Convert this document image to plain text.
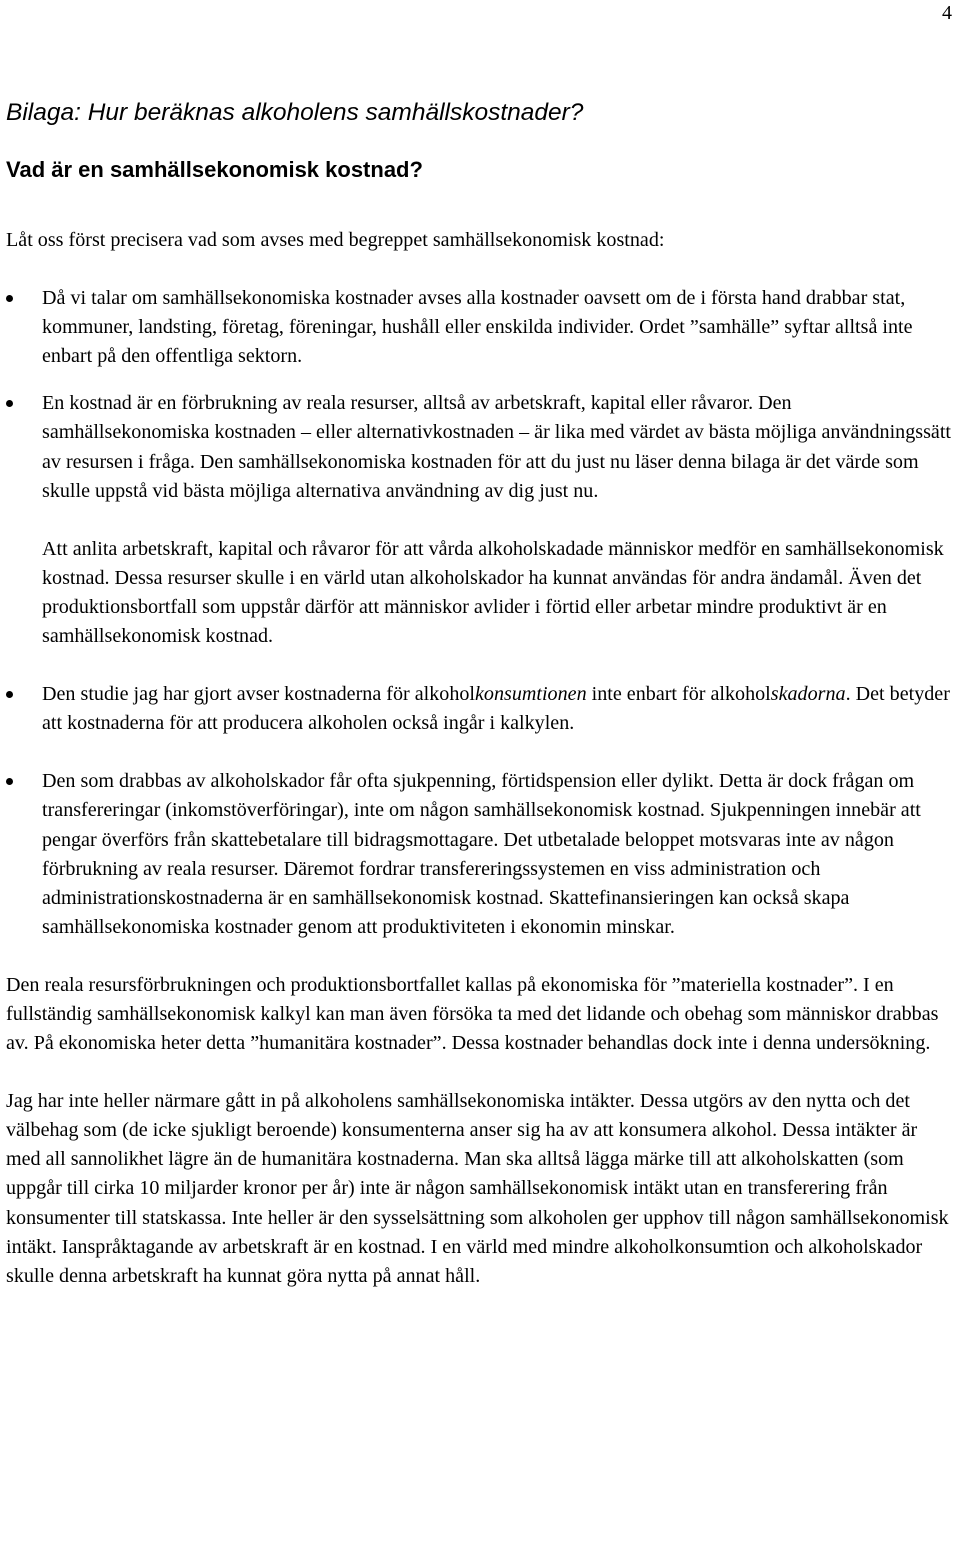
4
Bilaga: Hur beräknas alkoholens samhällskostnader?
Vad är en samhällsekonomisk kostnad?

Låt oss först precisera vad som avses med begreppet samhällsekonomisk kostnad:

Då vi talar om samhällsekonomiska kostnader avses alla kostnader oavsett om de i första hand drabbar stat, kommuner, landsting, företag, föreningar, hushåll eller enskilda individer. Ordet ”samhälle” syftar alltså inte enbart på den offentliga sektorn.
En kostnad är en förbrukning av reala resurser, alltså av arbetskraft, kapital eller råvaror. Den samhällsekonomiska kostnaden – eller alternativkostnaden – är lika med värdet av bästa möjliga användningssätt av resursen i fråga. Den samhällsekonomiska kostnaden för att du just nu läser denna bilaga är det värde som skulle uppstå vid bästa möjliga alternativa användning av dig just nu.

Att anlita arbetskraft, kapital och råvaror för att vårda alkoholskadade människor medför en samhällsekonomisk kostnad. Dessa resurser skulle i en värld utan alkoholskador ha kunnat användas för andra ändamål. Även det produktionsbortfall som uppstår därför att människor avlider i förtid eller arbetar mindre produktivt är en samhällsekonomisk kostnad.

Den studie jag har gjort avser kostnaderna för alkoholkonsumtionen inte enbart för alkoholskadorna. Det betyder att kostnaderna för att producera alkoholen också ingår i kalkylen.
Den som drabbas av alkoholskador får ofta sjukpenning, förtidspension eller dylikt. Detta är dock frågan om transfereringar (inkomstöverföringar), inte om någon samhällsekonomisk kostnad. Sjukpenningen innebär att pengar överförs från skattebetalare till bidragsmottagare. Det utbetalade beloppet motsvaras inte av någon förbrukning av reala resurser. Däremot fordrar transfereringssystemen en viss administration och administrationskostnaderna är en samhällsekonomisk kostnad. Skattefinansieringen kan också skapa samhällsekonomiska kostnader genom att produktiviteten i ekonomin minskar.

Den reala resursförbrukningen och produktionsbortfallet kallas på ekonomiska för ”materiella kostnader”. I en fullständig samhällsekonomisk kalkyl kan man även försöka ta med det lidande och obehag som människor drabbas av. På ekonomiska heter detta ”humanitära kostnader”. Dessa kostnader behandlas dock inte i denna undersökning.

Jag har inte heller närmare gått in på alkoholens samhällsekonomiska intäkter. Dessa utgörs av den nytta och det välbehag som (de icke sjukligt beroende) konsumenterna anser sig ha av att konsumera alkohol. Dessa intäkter är med all sannolikhet lägre än de humanitära kostnaderna. Man ska alltså lägga märke till att alkoholskatten (som uppgår till cirka 10 miljarder kronor per år) inte är någon samhällsekonomisk intäkt utan en transferering från konsumenter till statskassa. Inte heller är den sysselsättning som alkoholen ger upphov till någon samhällsekonomisk intäkt. Ianspråktagande av arbetskraft är en kostnad. I en värld med mindre alkoholkonsumtion och alkoholskador skulle denna arbetskraft ha kunnat göra nytta på annat håll.
